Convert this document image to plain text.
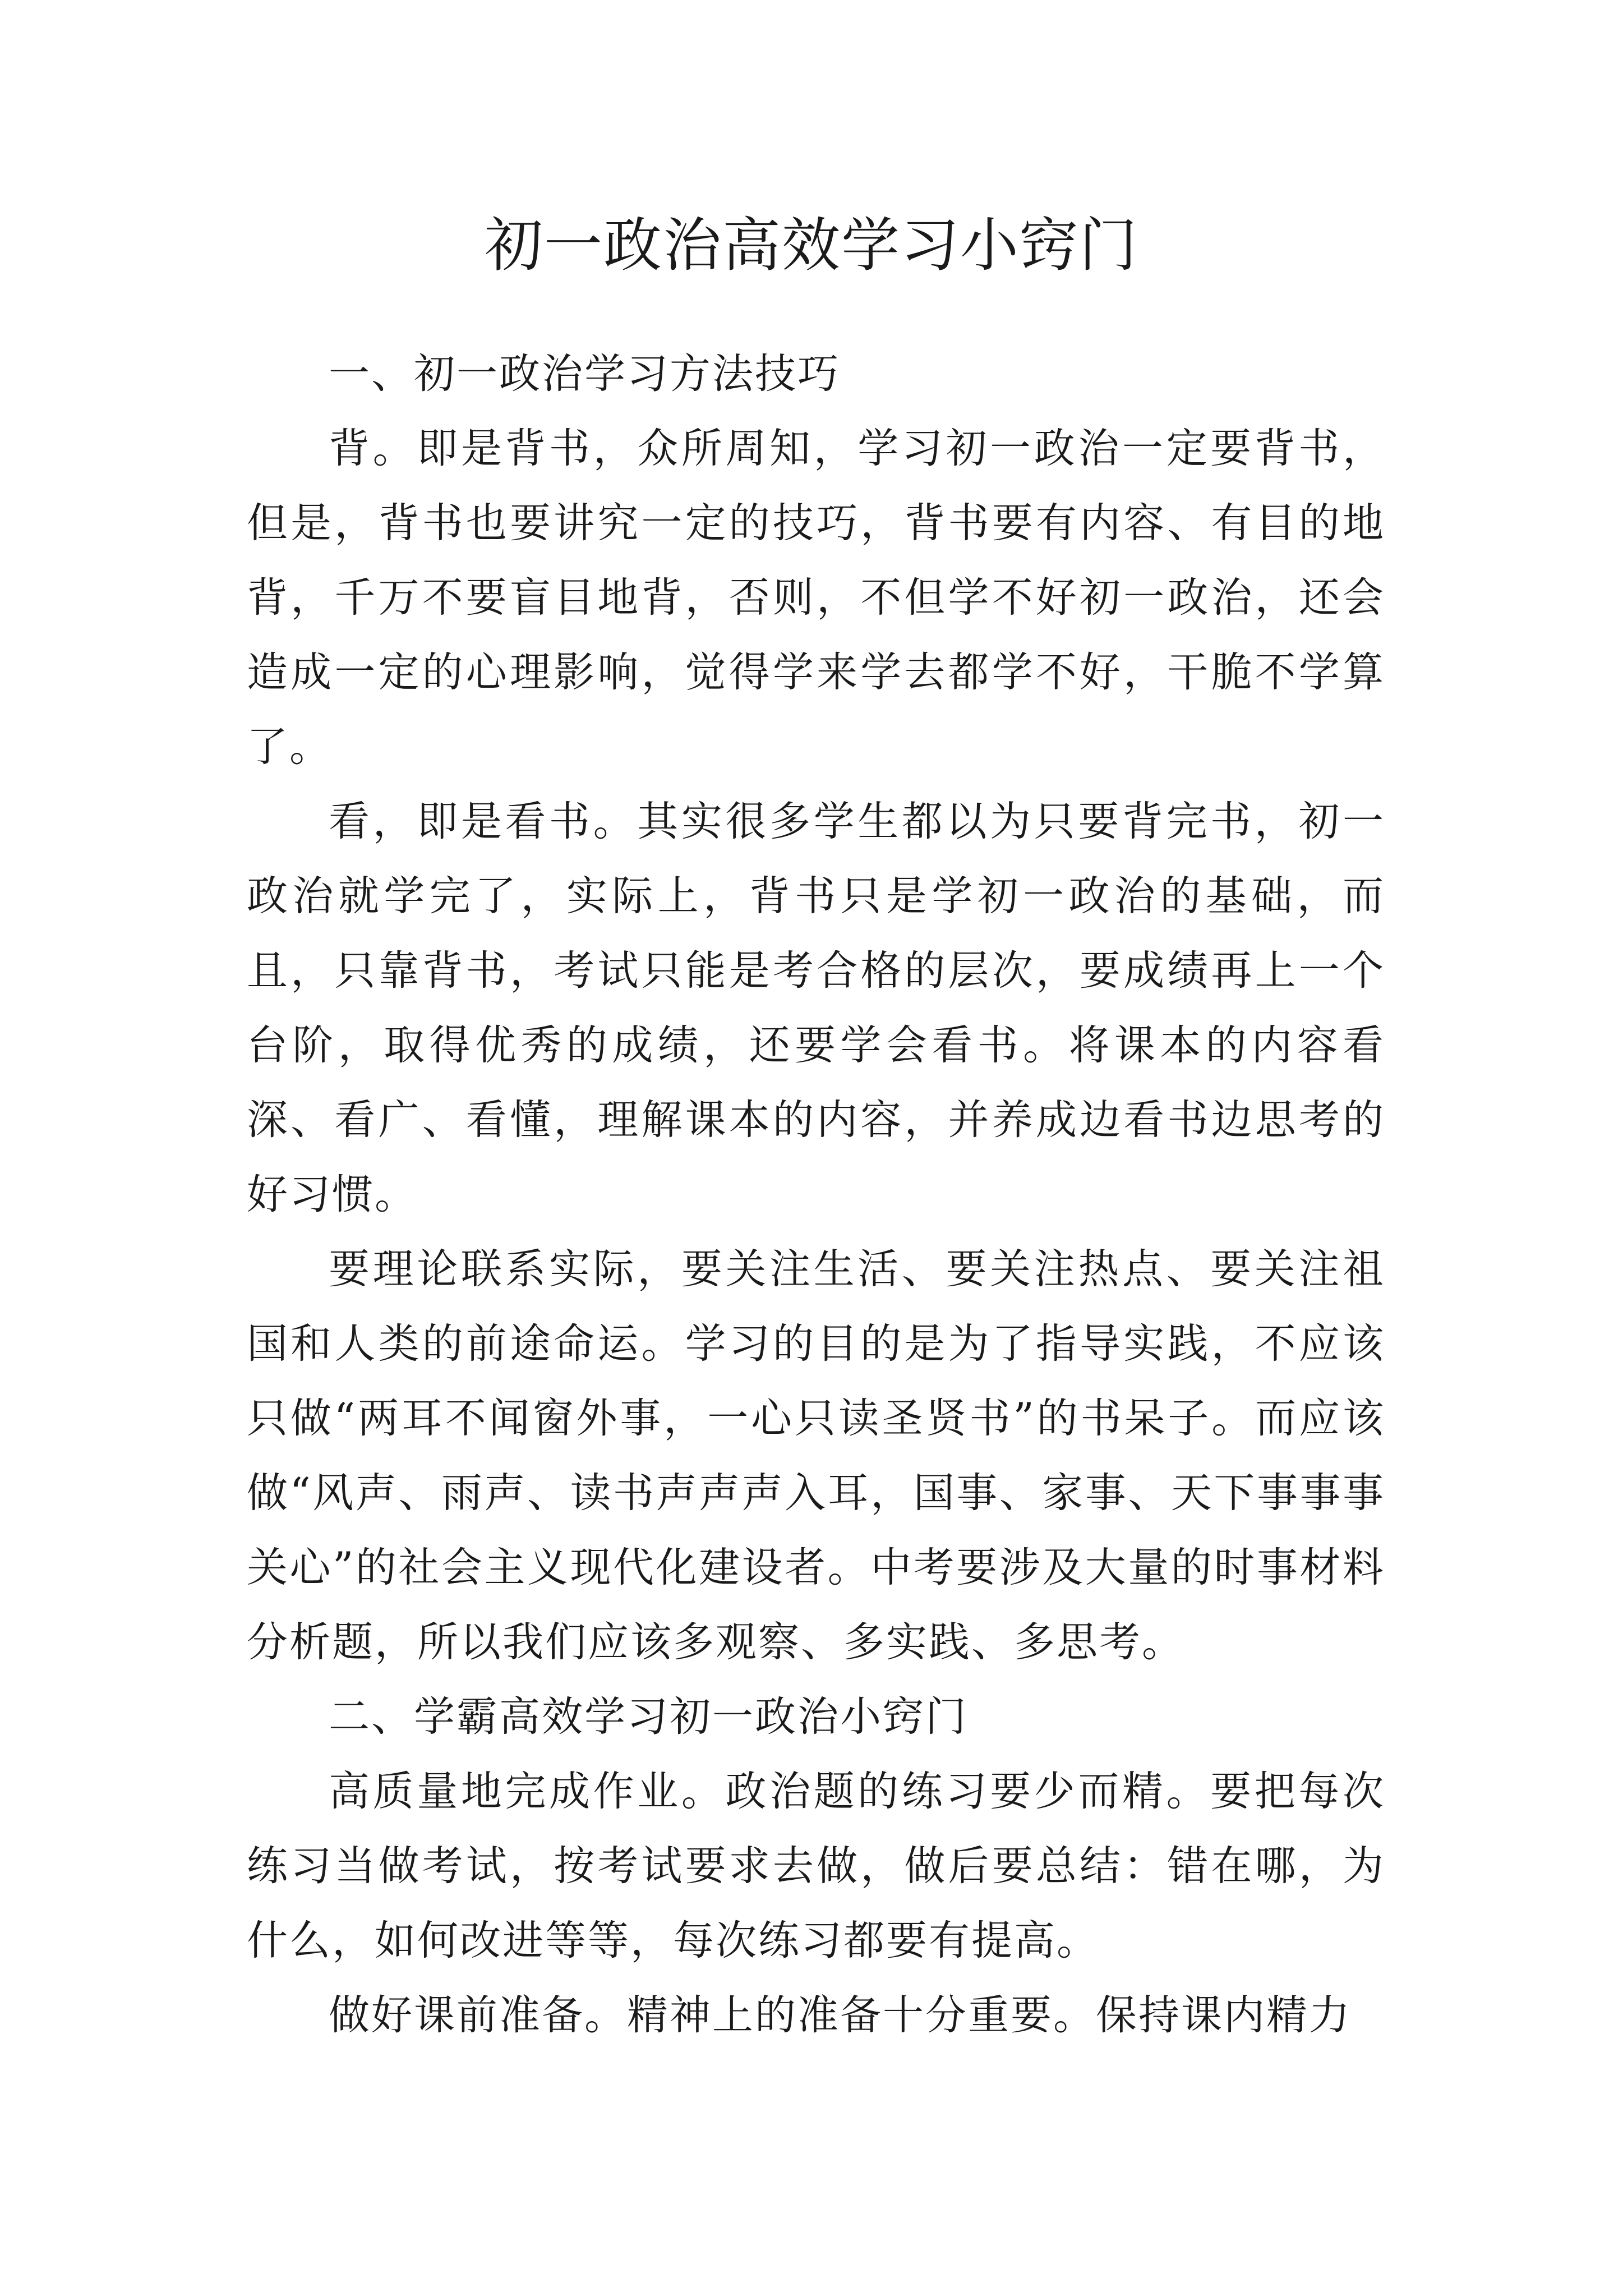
初一政治高效学习小窍门

一、初一政治学习方法技巧

背。即是背书，众所周知，学习初一政治一定要背书，但是，背书也要讲究一定的技巧，背书要有内容、有目的地背，千万不要盲目地背，否则，不但学不好初一政治，还会造成一定的心理影响，觉得学来学去都学不好，干脆不学算了。

看，即是看书。其实很多学生都以为只要背完书，初一政治就学完了，实际上，背书只是学初一政治的基础，而且，只靠背书，考试只能是考合格的层次，要成绩再上一个台阶，取得优秀的成绩，还要学会看书。将课本的内容看深、看广、看懂，理解课本的内容，并养成边看书边思考的好习惯。

要理论联系实际，要关注生活、要关注热点、要关注祖国和人类的前途命运。学习的目的是为了指导实践，不应该只做“两耳不闻窗外事，一心只读圣贤书”的书呆子。而应该做“风声、雨声、读书声声声入耳，国事、家事、天下事事事关心”的社会主义现代化建设者。中考要涉及大量的时事材料分析题，所以我们应该多观察、多实践、多思考。

二、学霸高效学习初一政治小窍门

高质量地完成作业。政治题的练习要少而精。要把每次练习当做考试，按考试要求去做，做后要总结：错在哪，为什么，如何改进等等，每次练习都要有提高。

做好课前准备。精神上的准备十分重要。保持课内精力
